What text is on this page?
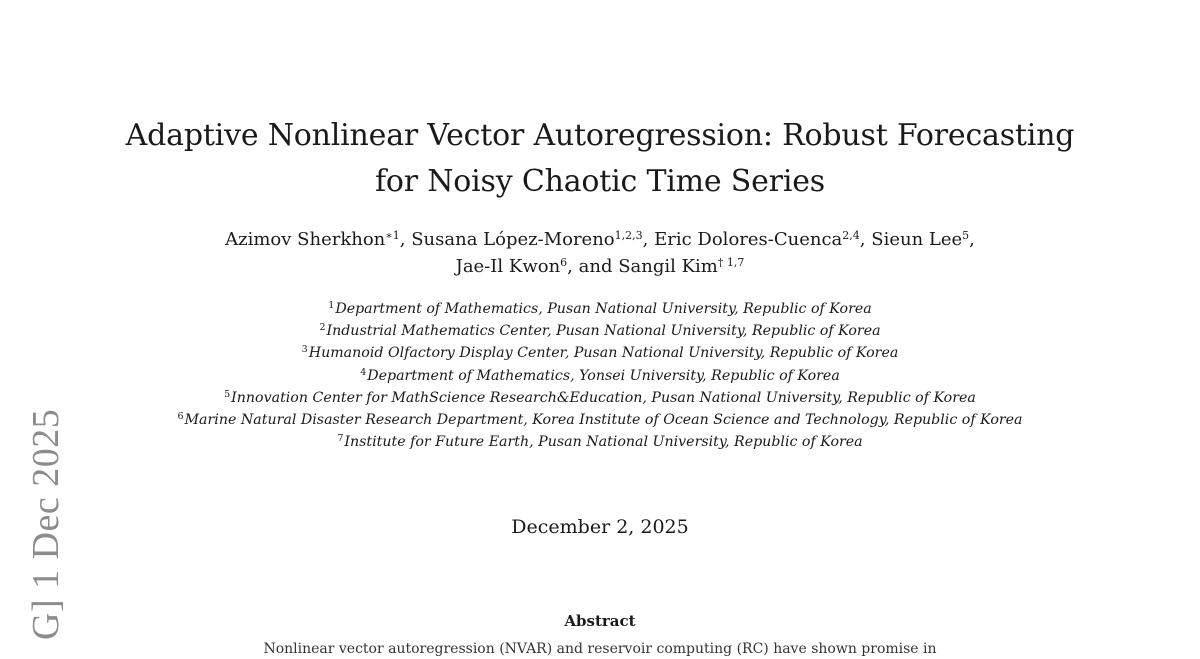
G] 1 Dec 2025
Adaptive Nonlinear Vector Autoregression: Robust Forecasting
for Noisy Chaotic Time Series
Azimov Sherkhon$^{∗1}$, Susana López-Moreno$^{1,2,3}$, Eric Dolores-Cuenca$^{2,4}$, Sieun Lee$^5$,
Jae-Il Kwon$^6$, and Sangil Kim$^{\dagger 1,7}$
$^1$Department of Mathematics, Pusan National University, Republic of Korea
$^2$Industrial Mathematics Center, Pusan National University, Republic of Korea
$^3$Humanoid Olfactory Display Center, Pusan National University, Republic of Korea
$^4$Department of Mathematics, Yonsei University, Republic of Korea
$^5$Innovation Center for MathScience Research&Education, Pusan National University, Republic of Korea
$^6$Marine Natural Disaster Research Department, Korea Institute of Ocean Science and Technology, Republic of Korea
$^7$Institute for Future Earth, Pusan National University, Republic of Korea
December 2, 2025
Abstract
Nonlinear vector autoregression (NVAR) and reservoir computing (RC) have shown promise in
